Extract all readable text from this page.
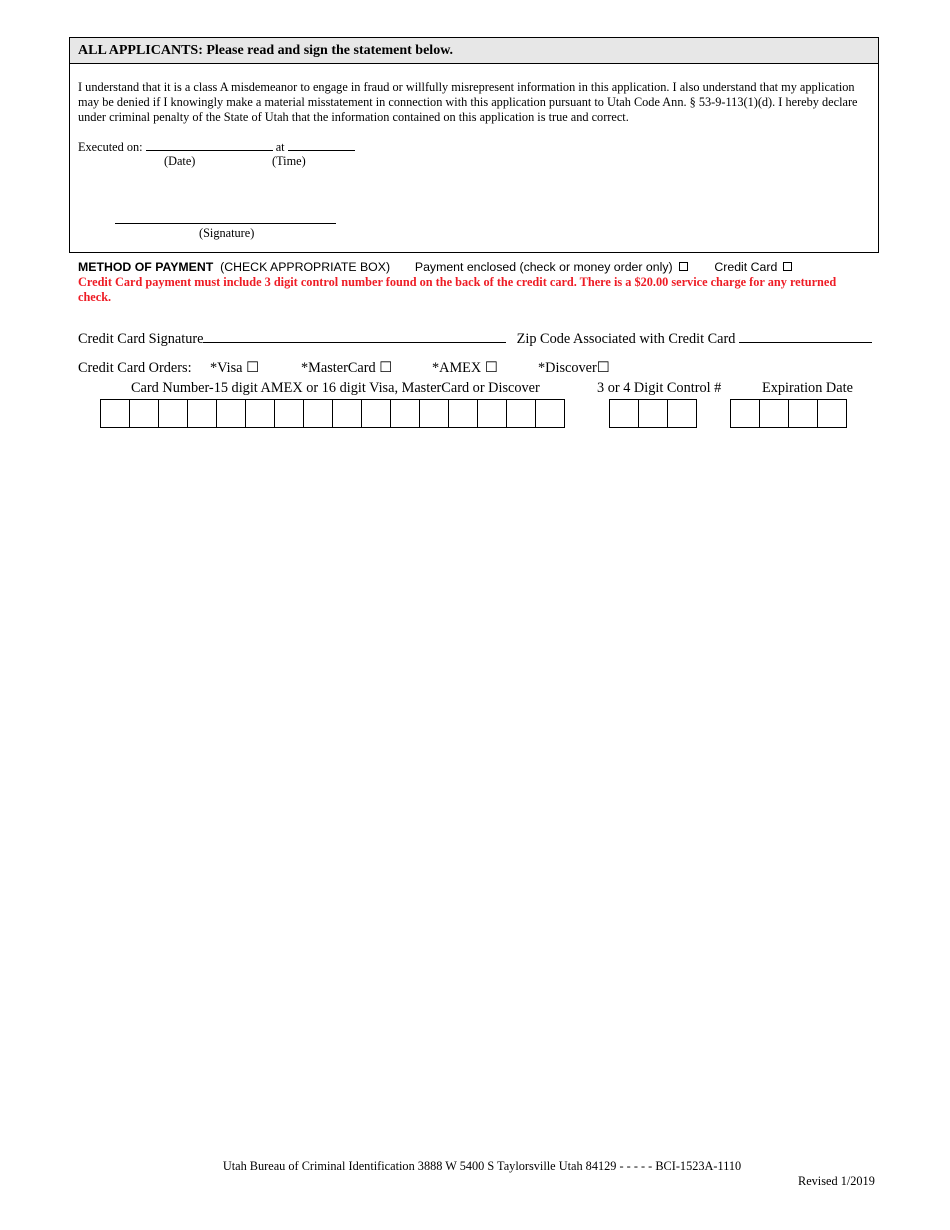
ALL APPLICANTS: Please read and sign the statement below.
I understand that it is a class A misdemeanor to engage in fraud or willfully misrepresent information in this application. I also understand that my application may be denied if I knowingly make a material misstatement in connection with this application pursuant to Utah Code Ann. § 53-9-113(1)(d). I hereby declare under criminal penalty of the State of Utah that the information contained on this application is true and correct.
Executed on:	at
(Date)	(Time)
(Signature)
METHOD OF PAYMENT (CHECK APPROPRIATE BOX) Payment enclosed (check or money order only)	Credit Card
Credit Card payment must include 3 digit control number found on the back of the credit card. There is a $20.00 service charge for any returned check.
Credit Card Signature	Zip Code Associated with Credit Card
Credit Card Orders: *Visa ☐	*MasterCard ☐	*AMEX ☐	*Discover☐
Card Number-15 digit AMEX or 16 digit Visa, MasterCard or Discover	3 or 4 Digit Control #	Expiration Date
Utah Bureau of Criminal Identification 3888 W 5400 S Taylorsville Utah 84129 - - - - - BCI-1523A-1110
Revised 1/2019
